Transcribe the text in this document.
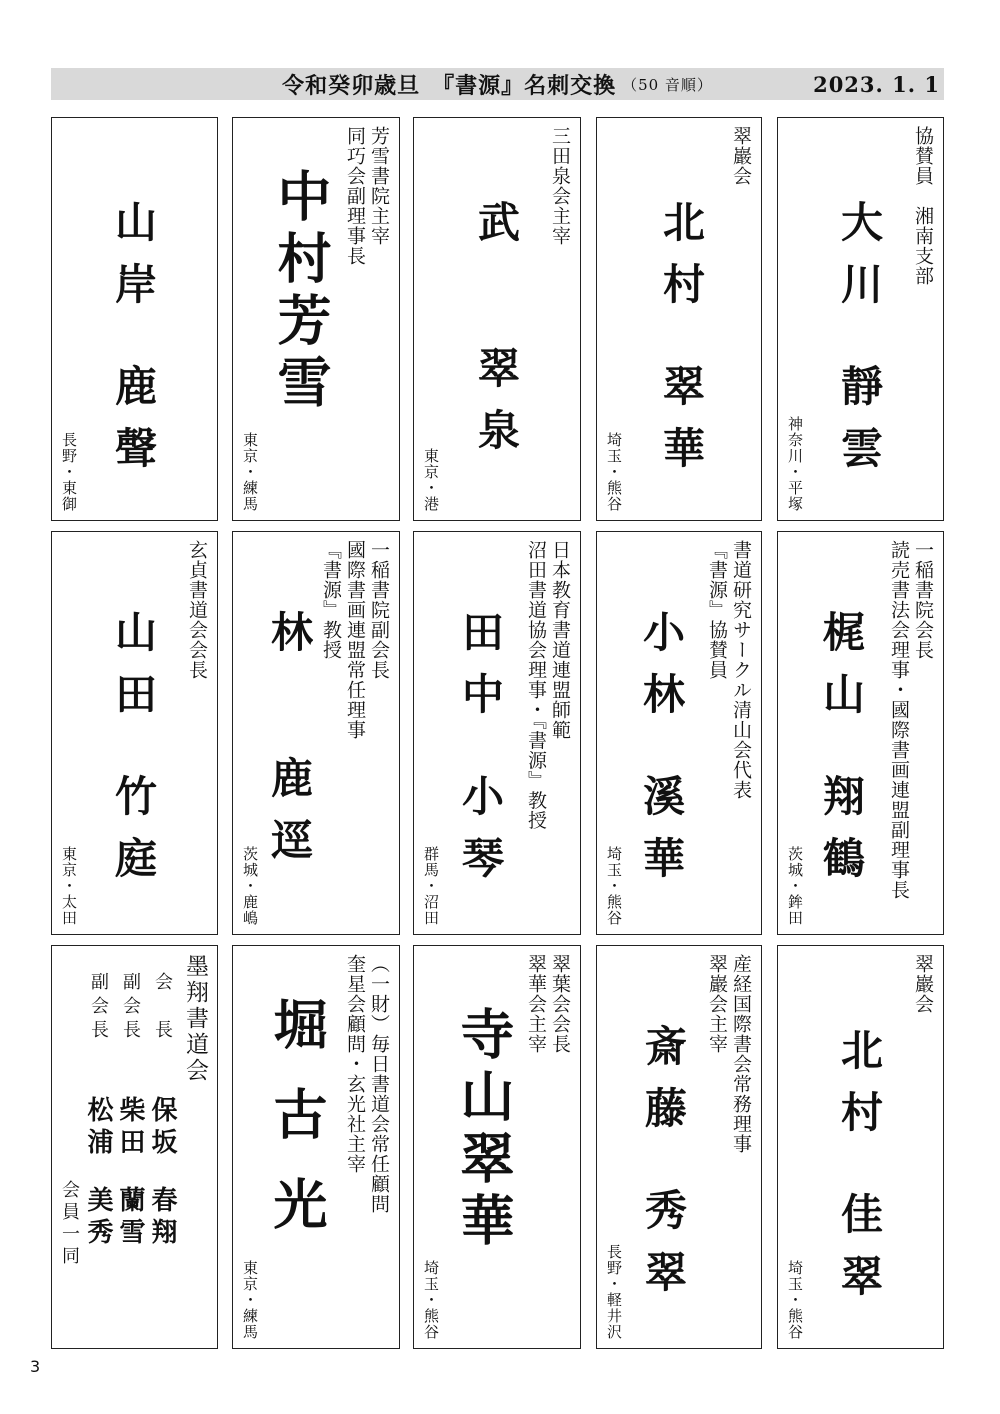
令和癸卯歳旦　『書源』名刺交換 （50 音順）	2023. 1. 1
協賛員　湘南支部
大川靜雲
神奈川・平塚
翠巖会
北村翠華
埼玉・熊谷
三田泉会主宰
武翠泉
東京・港
芳雪書院主宰
同巧会副理事長
中村芳雪
東京・練馬
山岸鹿聲
長野・東御
一稲書院会長
読売書法会理事・國際書画連盟副理事長
梶山翔鶴
茨城・鉾田
書道研究サークル清山会代表
『書源』協賛員
小林溪華
埼玉・熊谷
日本教育書道連盟師範
沼田書道協会理事・『書源』教授
田中小琴
群馬・沼田
一稲書院副会長
國際書画連盟常任理事
『書源』教授
林鹿逕
茨城・鹿嶋
玄貞書道会会長
山田竹庭
東京・太田
翠巖会
北村佳翠
埼玉・熊谷
産経国際書会常務理事
翠巖会主宰
斎藤秀翠
長野・軽井沢
翠葉会会長
翠華会主宰
寺山翠華
埼玉・熊谷
（一財）毎日書道会常任顧問
奎星会顧問・玄光社主宰
堀古光
東京・練馬
墨翔書道会
会　長
保坂春翔
副会長
柴田蘭雪
副会長
松浦美秀
会員一同
3
